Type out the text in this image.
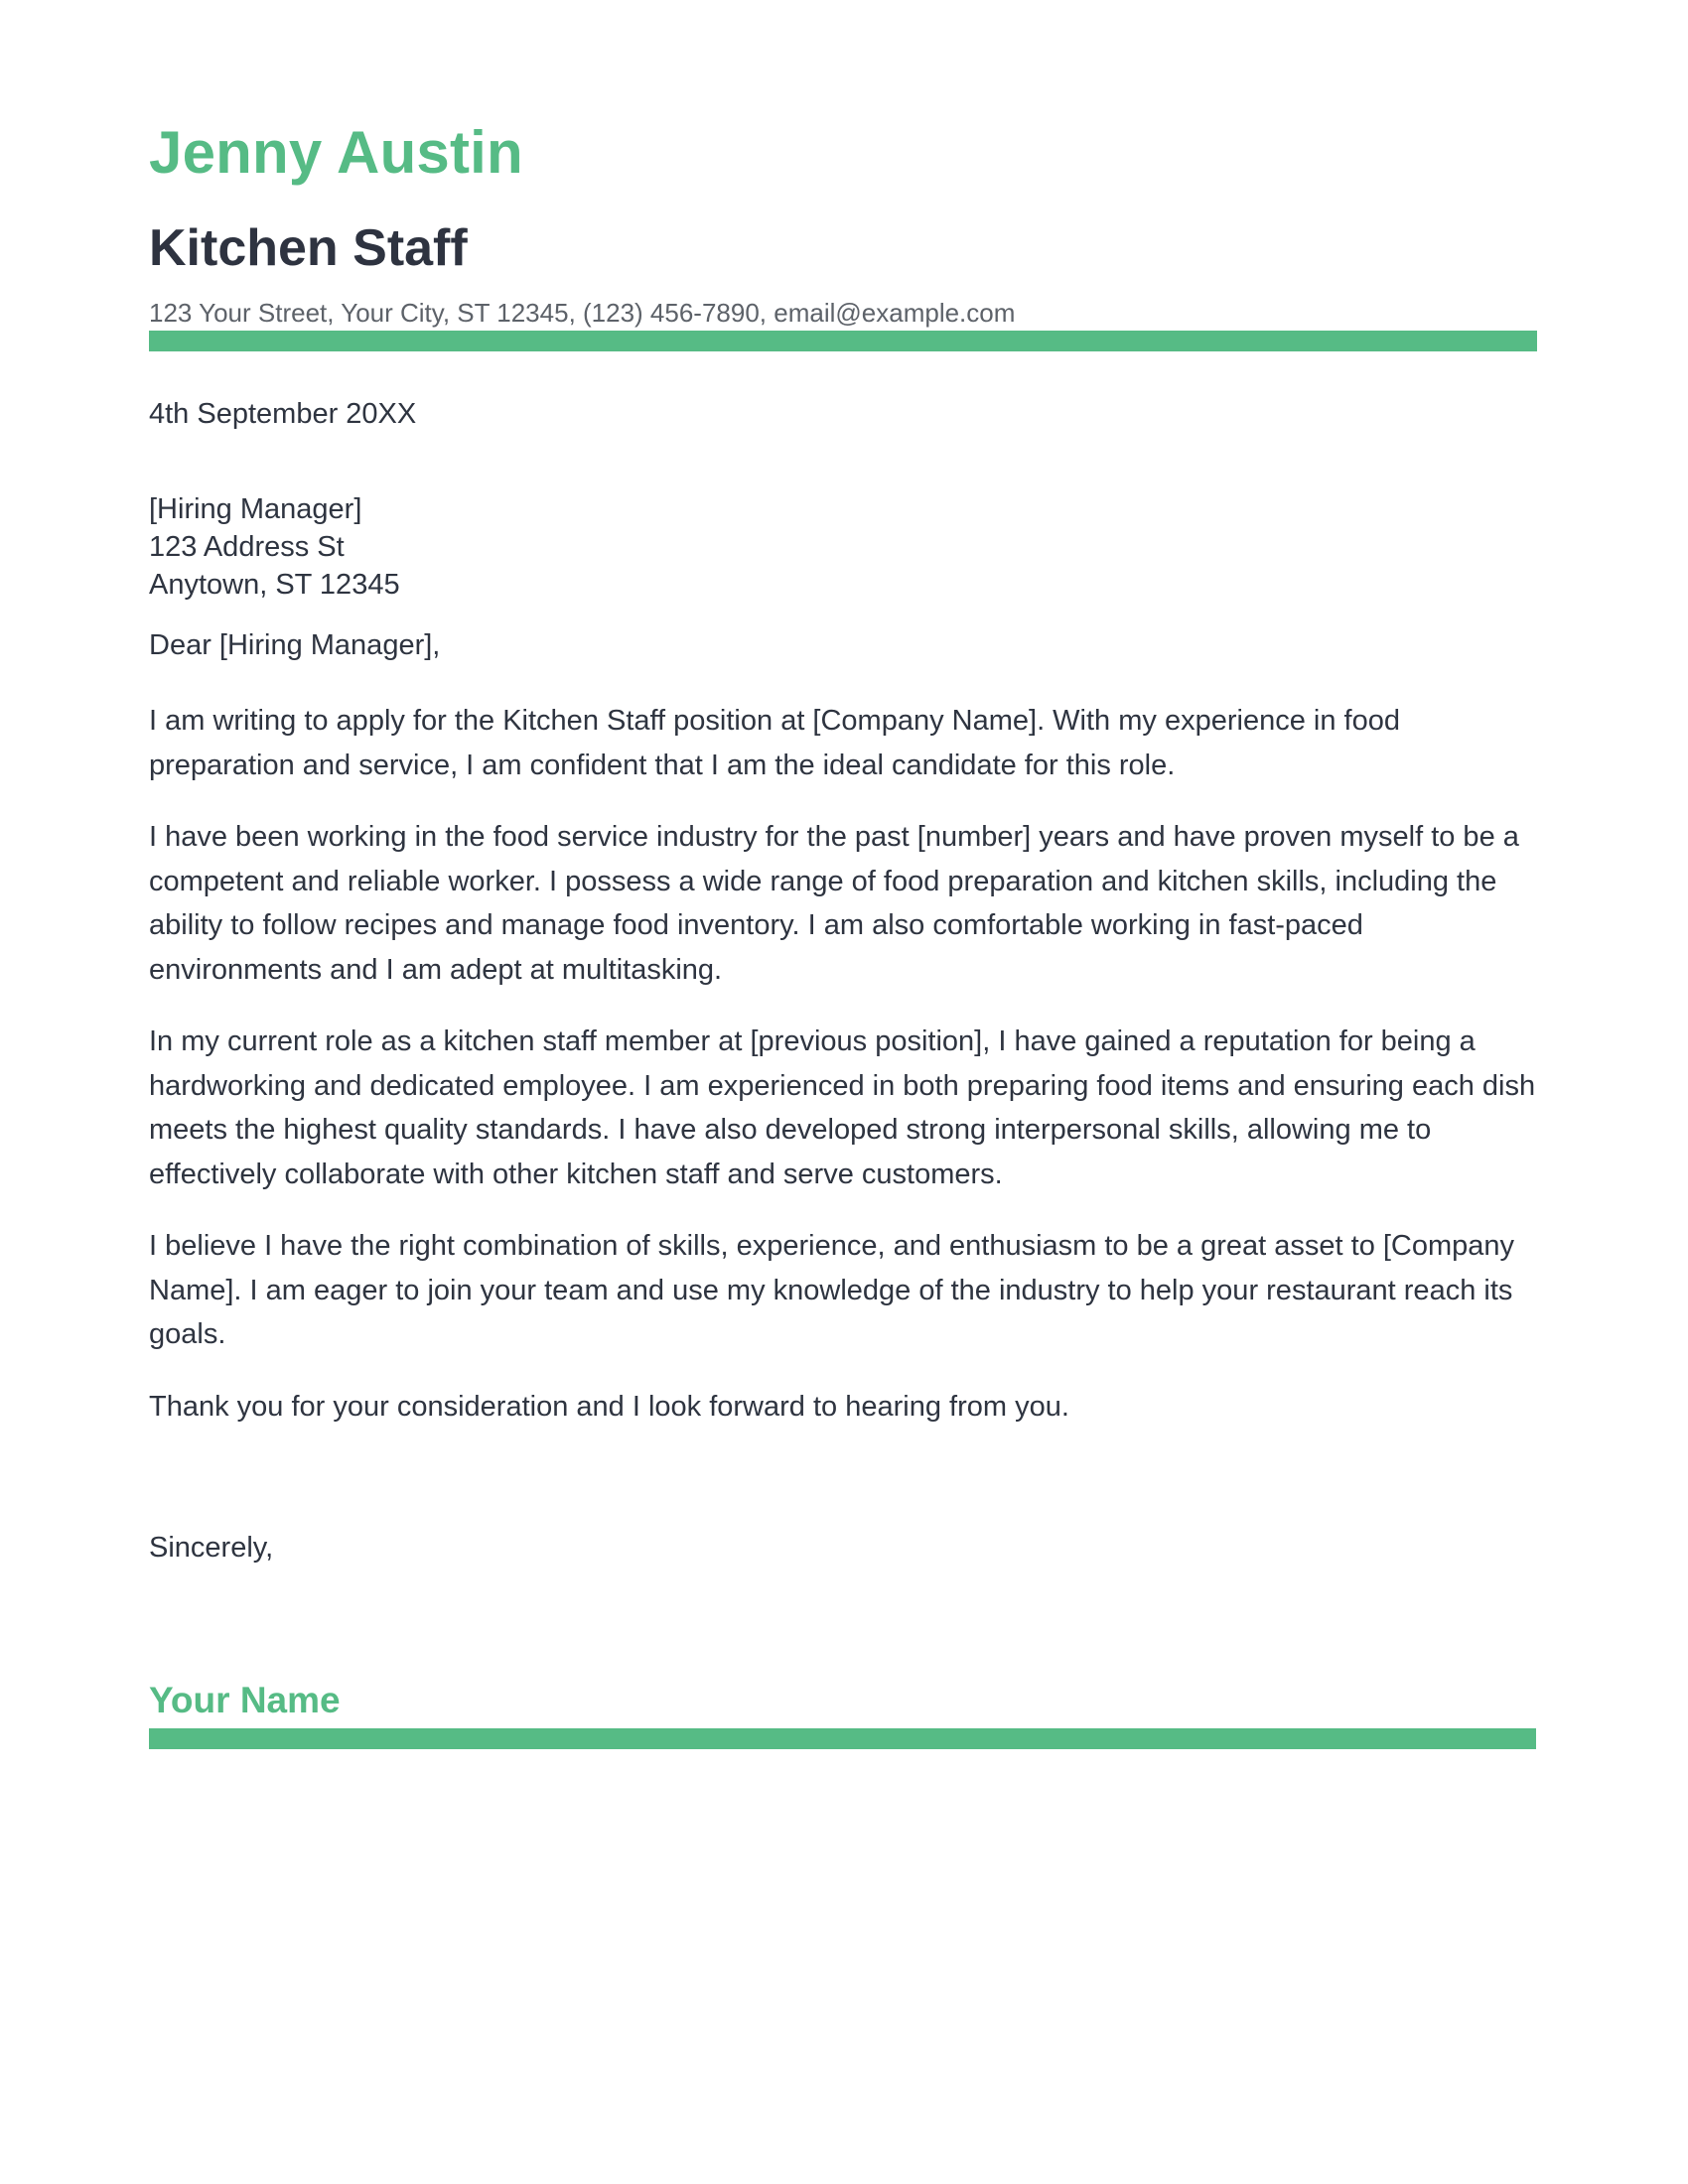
Jenny Austin
Kitchen Staff
123 Your Street, Your City, ST 12345, (123) 456-7890, email@example.com
4th September 20XX
[Hiring Manager]
123 Address St
Anytown, ST 12345
Dear [Hiring Manager],

I am writing to apply for the Kitchen Staff position at [Company Name]. With my experience in food preparation and service, I am confident that I am the ideal candidate for this role.

I have been working in the food service industry for the past [number] years and have proven myself to be a competent and reliable worker. I possess a wide range of food preparation and kitchen skills, including the ability to follow recipes and manage food inventory. I am also comfortable working in fast-paced environments and I am adept at multitasking.

In my current role as a kitchen staff member at [previous position], I have gained a reputation for being a hardworking and dedicated employee. I am experienced in both preparing food items and ensuring each dish meets the highest quality standards. I have also developed strong interpersonal skills, allowing me to effectively collaborate with other kitchen staff and serve customers.

I believe I have the right combination of skills, experience, and enthusiasm to be a great asset to [Company Name]. I am eager to join your team and use my knowledge of the industry to help your restaurant reach its goals.

Thank you for your consideration and I look forward to hearing from you.

Sincerely,
Your Name
